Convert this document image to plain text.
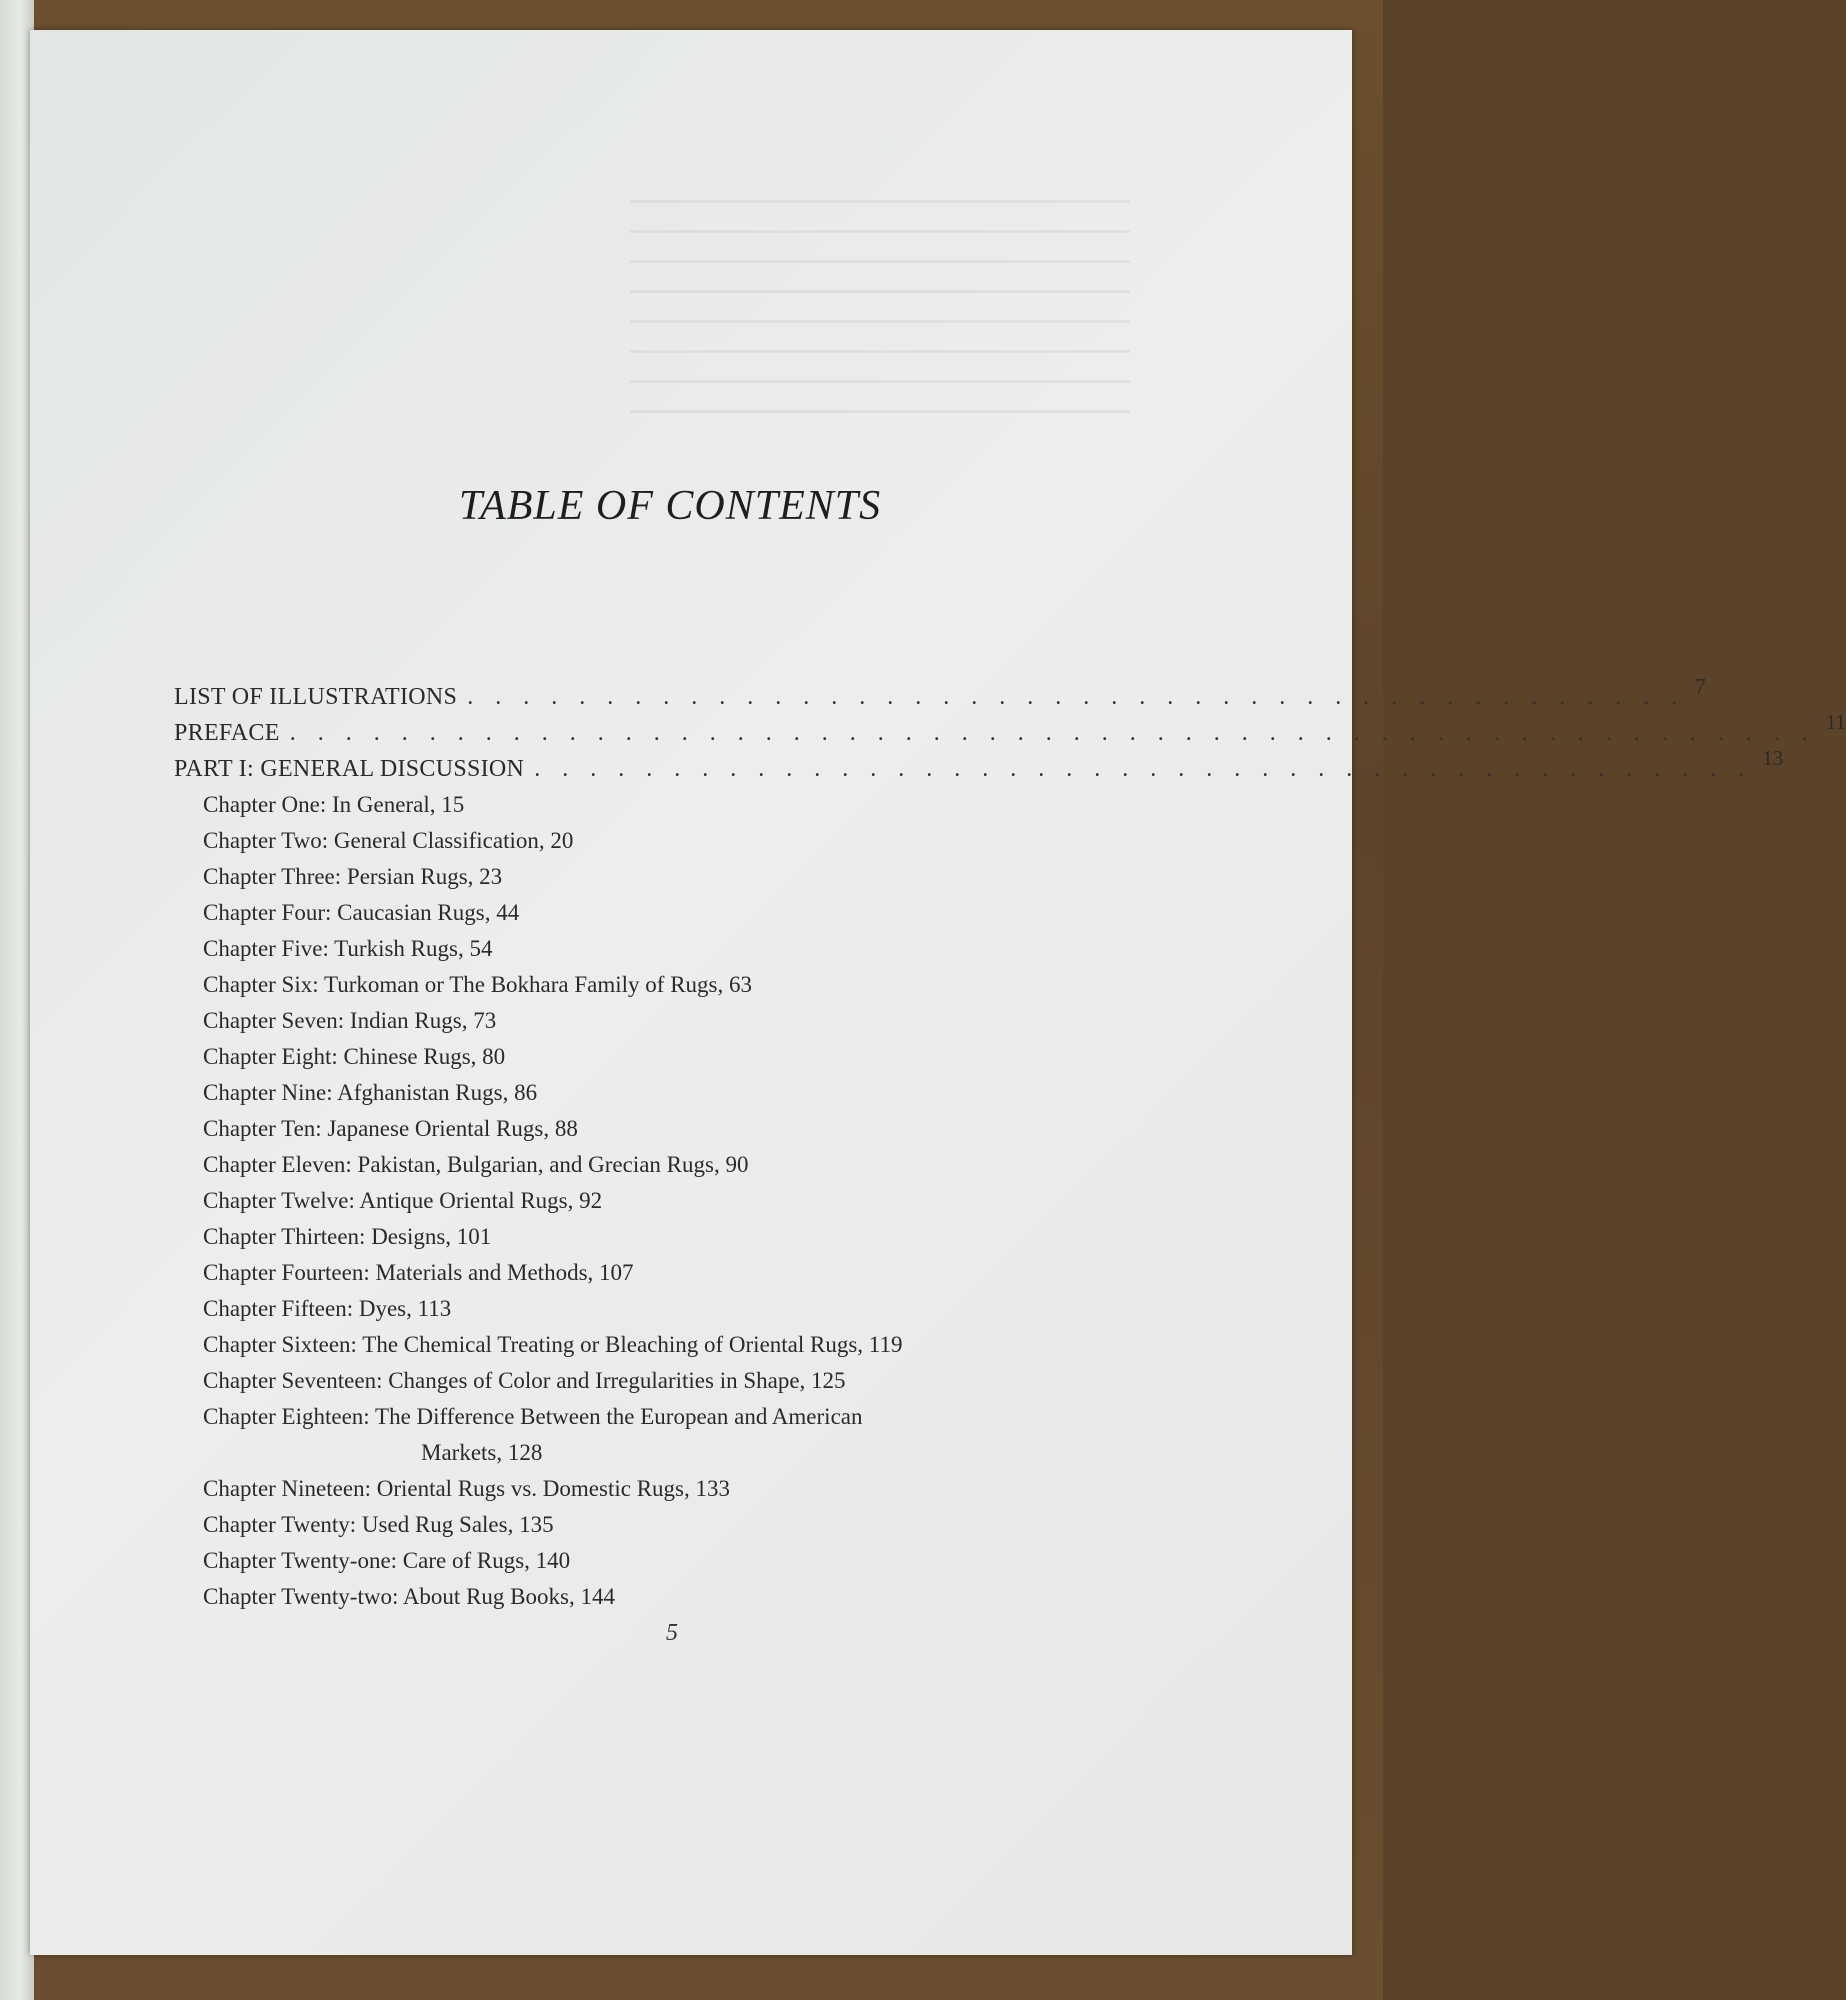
TABLE OF CONTENTS
LIST OF ILLUSTRATIONS . . . . . . . . . . . . . . . . . . . . . . . . . . . . . . . . . . . . . . . . . . . . 7
PREFACE . . . . . . . . . . . . . . . . . . . . . . . . . . . . . . . . . . . . . . . . . . . . . . . . . . . . . . . 11
PART I: GENERAL DISCUSSION . . . . . . . . . . . . . . . . . . . . . . . . . . . . . . . . . . . . . . . . . . . . 13
Chapter One: In General, 15
Chapter Two: General Classification, 20
Chapter Three: Persian Rugs, 23
Chapter Four: Caucasian Rugs, 44
Chapter Five: Turkish Rugs, 54
Chapter Six: Turkoman or The Bokhara Family of Rugs, 63
Chapter Seven: Indian Rugs, 73
Chapter Eight: Chinese Rugs, 80
Chapter Nine: Afghanistan Rugs, 86
Chapter Ten: Japanese Oriental Rugs, 88
Chapter Eleven: Pakistan, Bulgarian, and Grecian Rugs, 90
Chapter Twelve: Antique Oriental Rugs, 92
Chapter Thirteen: Designs, 101
Chapter Fourteen: Materials and Methods, 107
Chapter Fifteen: Dyes, 113
Chapter Sixteen: The Chemical Treating or Bleaching of Oriental Rugs, 119
Chapter Seventeen: Changes of Color and Irregularities in Shape, 125
Chapter Eighteen: The Difference Between the European and American
Markets, 128
Chapter Nineteen: Oriental Rugs vs. Domestic Rugs, 133
Chapter Twenty: Used Rug Sales, 135
Chapter Twenty-one: Care of Rugs, 140
Chapter Twenty-two: About Rug Books, 144
5
